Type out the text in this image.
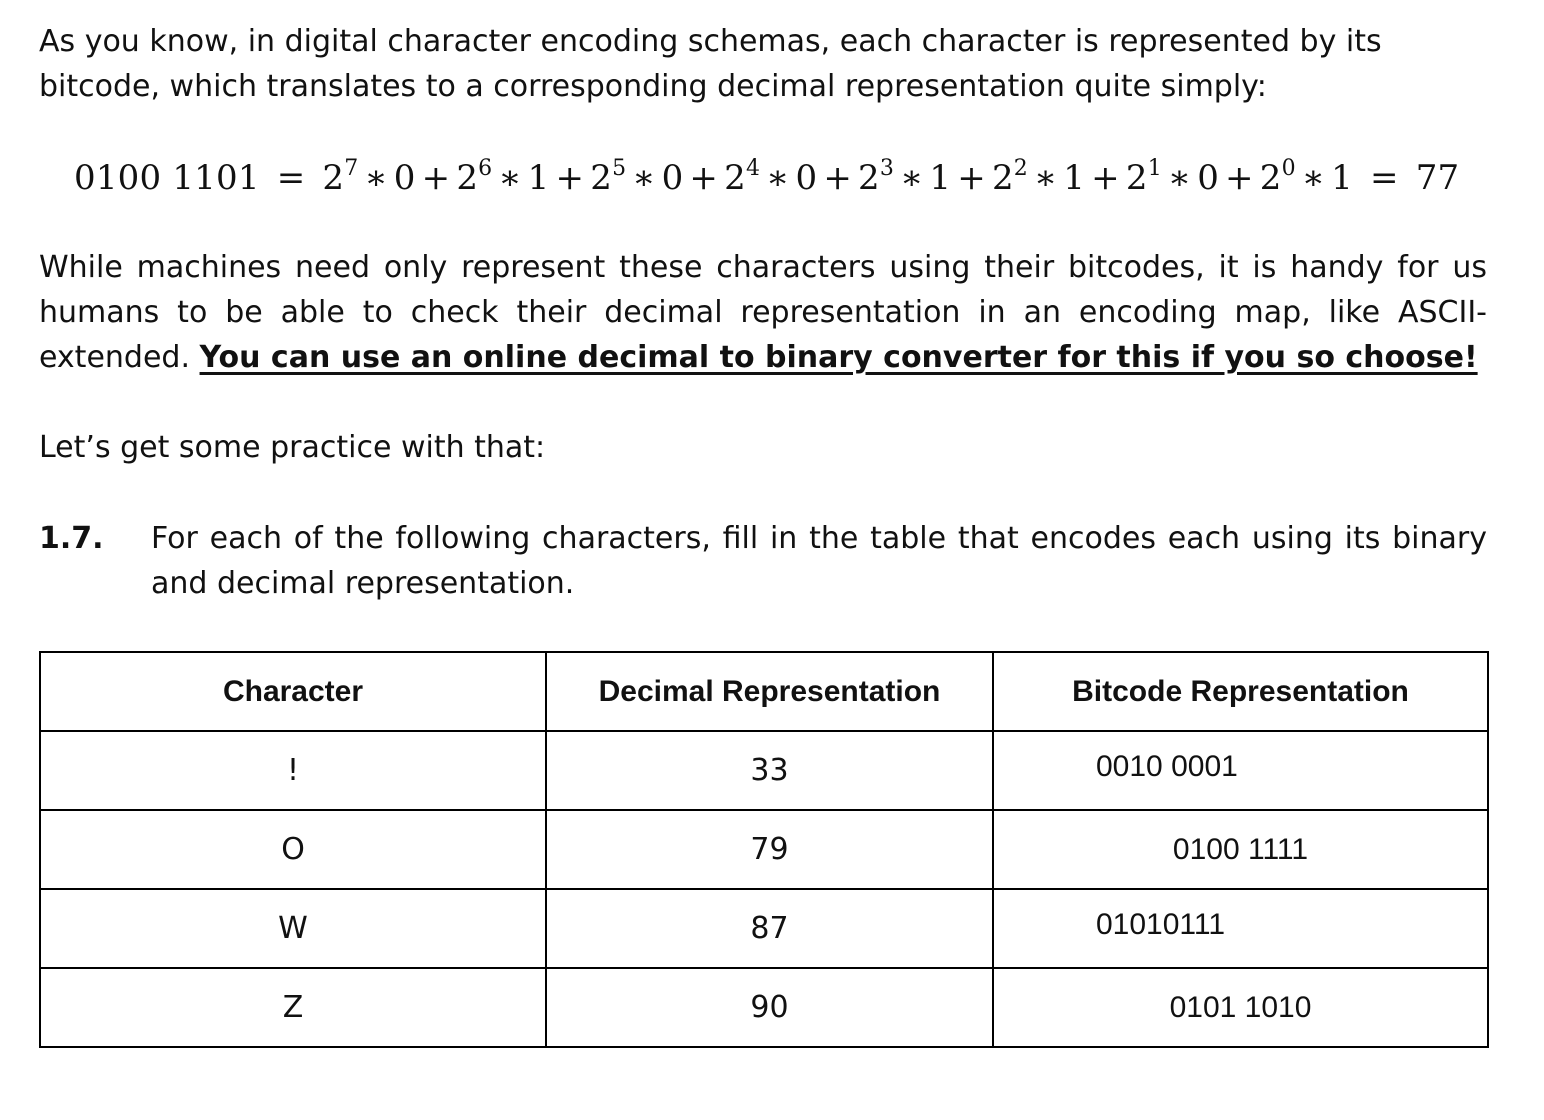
As you know, in digital character encoding schemas, each character is represented by its bitcode, which translates to a corresponding decimal representation quite simply:

0100 $1101 = 2^7$ ∗ $0 + 2^6$ ∗ $1 + 2^5$ ∗ $0 + 2^4$ ∗ $0 + 2^3$ ∗ $1 + 2^2$ ∗ $1 + 2^1$ ∗ $0 + 2^0$ ∗ 1 = 77

While machines need only represent these characters using their bitcodes, it is handy for us humans to be able to check their decimal representation in an encoding map, like ASCII-extended. You can use an online decimal to binary converter for this if you so choose!

Let’s get some practice with that:

1.7. For each of the following characters, fill in the table that encodes each using its binary and decimal representation.
Character	Decimal Representation	Bitcode Representation
!	33	0010 0001
O	79	0100 1111
W	87	01010111
Z	90	0101 1010
